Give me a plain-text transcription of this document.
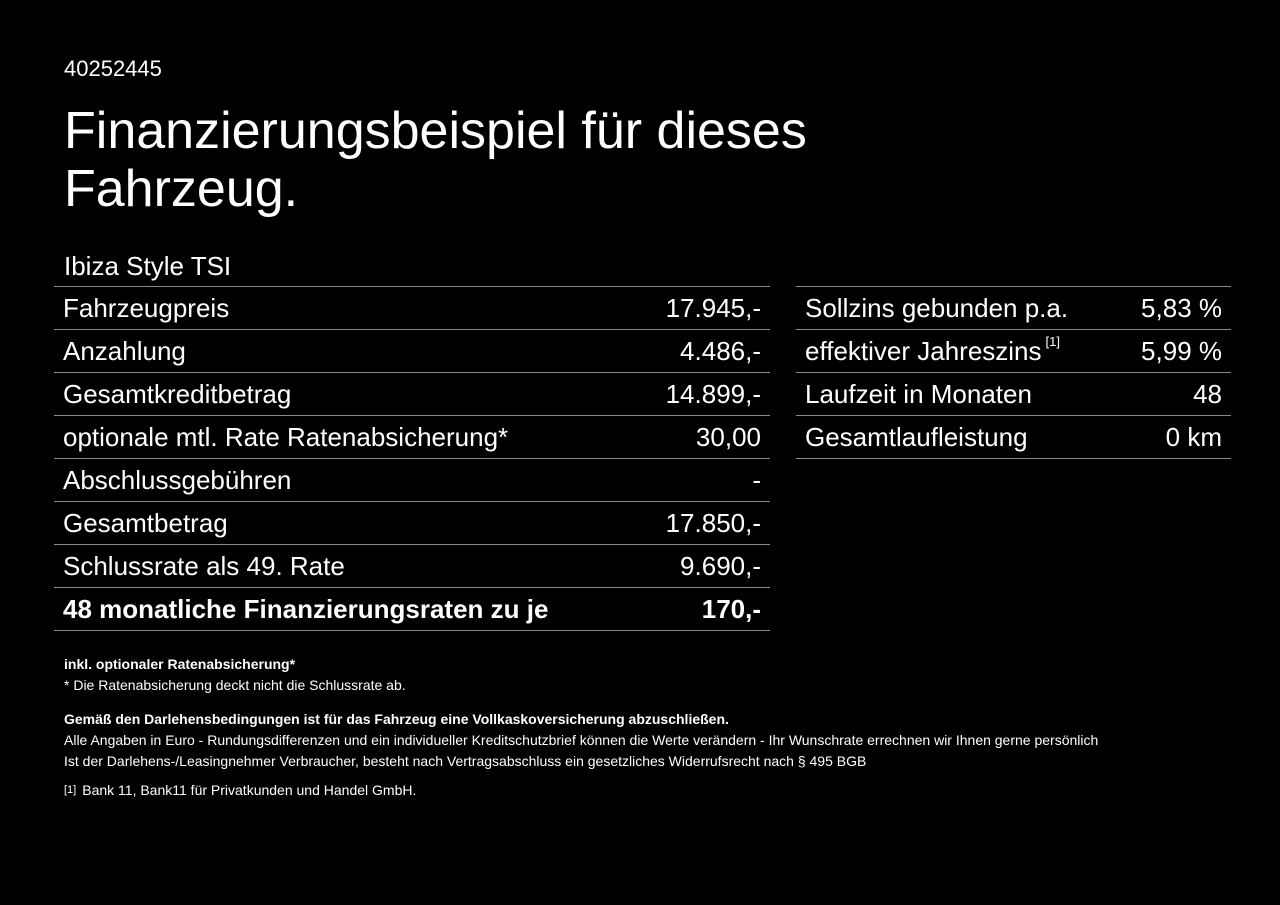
40252445
Finanzierungsbeispiel für dieses Fahrzeug.
Ibiza Style TSI
Fahrzeugpreis	17.945,-
Anzahlung	4.486,-
Gesamtkreditbetrag	14.899,-
optionale mtl. Rate Ratenabsicherung*	30,00
Abschlussgebühren	-
Gesamtbetrag	17.850,-
Schlussrate als 49. Rate	9.690,-
48 monatliche Finanzierungsraten zu je	170,-
Sollzins gebunden p.a.	5,83 %
effektiver Jahreszins [1]	5,99 %
Laufzeit in Monaten	48
Gesamtlaufleistung	0 km
inkl. optionaler Ratenabsicherung*
* Die Ratenabsicherung deckt nicht die Schlussrate ab.
Gemäß den Darlehensbedingungen ist für das Fahrzeug eine Vollkaskoversicherung abzuschließen.
Alle Angaben in Euro - Rundungsdifferenzen und ein individueller Kreditschutzbrief können die Werte verändern - Ihr Wunschrate errechnen wir Ihnen gerne persönlich
Ist der Darlehens-/Leasingnehmer Verbraucher, besteht nach Vertragsabschluss ein gesetzliches Widerrufsrecht nach § 495 BGB
[1] Bank 11, Bank11 für Privatkunden und Handel GmbH.
